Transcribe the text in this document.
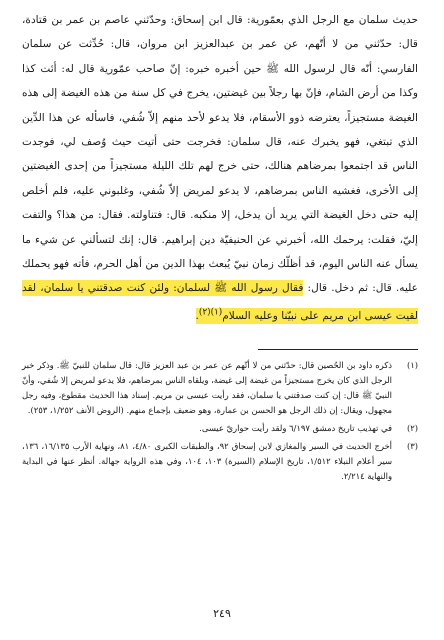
حديث سلمان مع الرجل الذي بعمّورية: قال ابن إسحاق: وحدّثني عاصم بن عمر بن قتادة، قال: حدّثني من لا أتّهم، عن عمر بن عبدالعزيز ابن مروان، قال: حُدِّثت عن سلمان الفارسي: أنّه قال لرسول الله ﷺ حين أخبره خبره: إنّ صاحب عمّورية قال له: أئت كذا وكذا من أرض الشام، فإنّ بها رجلاً بين غيضتين، يخرج في كل سنة من هذه الغيضة إلى هذه الغيضة مستجيزاً، يعترضه ذوو الأسقام، فلا يدعو لأحد منهم إلاّ شُفي، فاسأله عن هذا الدِّين الذي تبتغي، فهو يخبرك عنه، قال سلمان: فخرجت حتى أتيت حيث وُصف لي، فوجدت الناس قد اجتمعوا بمرضاهم هنالك، حتى خرج لهم تلك الليلة مستجيزاً من إحدى الغيضتين إلى الأخرى، فغشيه الناس بمرضاهم، لا يدعو لمريض إلاّ شُفي، وغلبوني عليه، فلم أخلص إليه حتى دخل الغيضة التي يريد أن يدخل، إلا منكبه. قال: فتناولته. فقال: من هذا؟ والتفت إليّ، فقلت: يرحمك الله، أخبرني عن الحنيفيّة دين إبراهيم. قال: إنك لتسألني عن شيء ما يسأل عنه الناس اليوم، قد أظلّك زمان نبيّ يُبعث بهذا الدين من أهل الحرم، فأته فهو يحملك عليه. قال: ثم دخل. قال: فقال رسول الله ﷺ لسلمان: ولئن كنت صدقتني يا سلمان، لقد لقيت عيسى ابن مريم على نبيّنا وعليه السلام$^{(١)(٢)}$.

(١)
ذكره داود بن الحُصين قال: حدّثني من لا أتّهم عن عمر بن عبد العزيز قال: قال سلمان للنبيّ ﷺ. وذكر خبر الرجل الذي كان يخرج مستجيزاً من غيضة إلى غيضة، ويلقاه الناس بمرضاهم، فلا يدعو لمريض إلا شُفي، وأنّ النبيّ ﷺ قال: إن كنت صدقتني يا سلمان، فقد رأيت عيسى بن مريم. إسناد هذا الحديث مقطوع، وفيه رجل مجهول، ويقال: إن ذلك الرجل هو الحسن بن عمارة، وهو ضعيف بإجماع منهم. (الروض الأنف ١/٢٥٢، ٢٥٣).
(٢)
في تهذيب تاريخ دمشق ٦/١٩٧ ولقد رأيت حواريّ عيسى.
(٣)
أخرج الحديث في السير والمغازي لابن إسحاق ٩٢، والطبقات الكبرى ٤/٨٠، ٨١، ونهاية الأرب ١٦/١٣٥، ١٣٦، سير أعلام النبلاء ١/٥١٢، تاريخ الإسلام (السيرة) ١٠٣، ١٠٤، وفي هذه الرواية جهالة. أنظر عنها في البداية والنهاية ٢/٢١٤.
٢٤٩
